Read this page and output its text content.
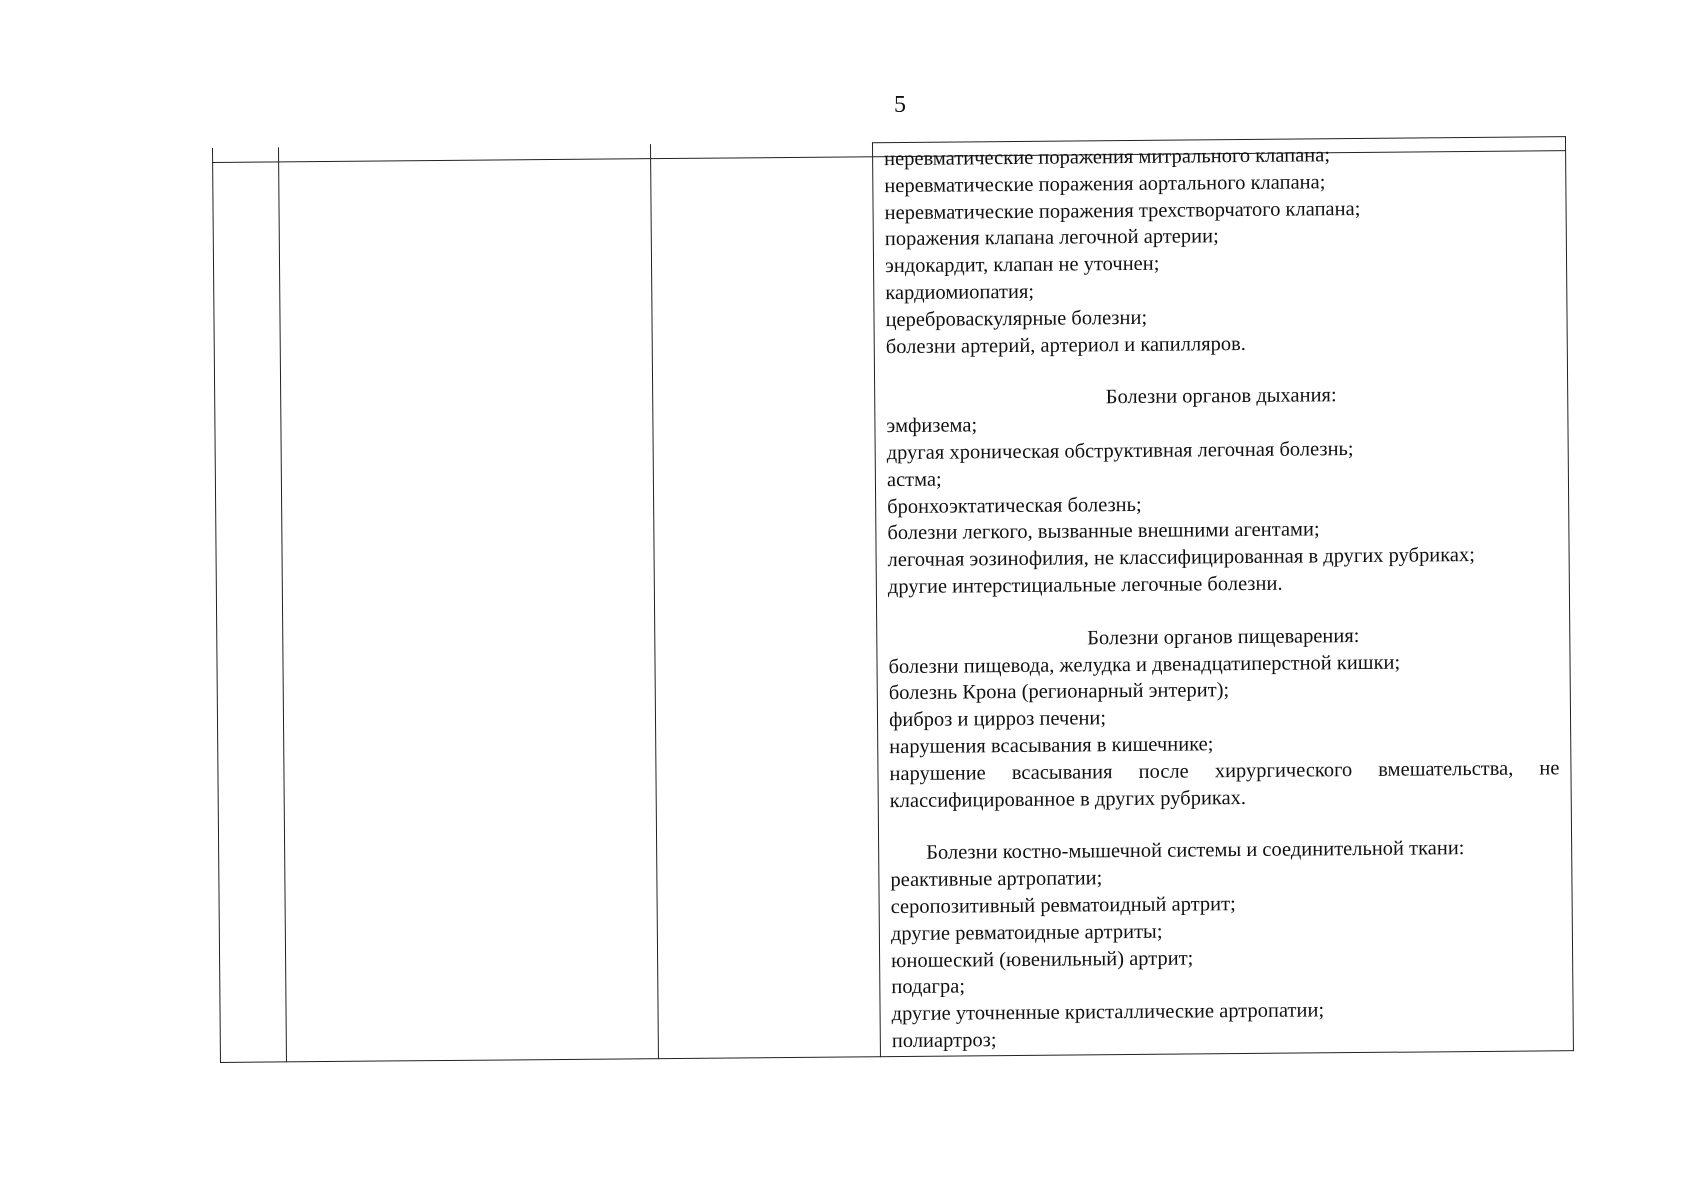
5
неревматические поражения митрального клапана;
неревматические поражения аортального клапана;
неревматические поражения трехстворчатого клапана;
поражения клапана легочной артерии;
эндокардит, клапан не уточнен;
кардиомиопатия;
цереброваскулярные болезни;
болезни артерий, артериол и капилляров.
Болезни органов дыхания:
эмфизема;
другая хроническая обструктивная легочная болезнь;
астма;
бронхоэктатическая болезнь;
болезни легкого, вызванные внешними агентами;
легочная эозинофилия, не классифицированная в других рубриках;
другие интерстициальные легочные болезни.
Болезни органов пищеварения:
болезни пищевода, желудка и двенадцатиперстной кишки;
болезнь Крона (регионарный энтерит);
фиброз и цирроз печени;
нарушения всасывания в кишечнике;
нарушение всасывания после хирургического вмешательства, не классифицированное в других рубриках.
Болезни костно-мышечной системы и соединительной ткани:
реактивные артропатии;
серопозитивный ревматоидный артрит;
другие ревматоидные артриты;
юношеский (ювенильный) артрит;
подагра;
другие уточненные кристаллические артропатии;
полиартроз;
